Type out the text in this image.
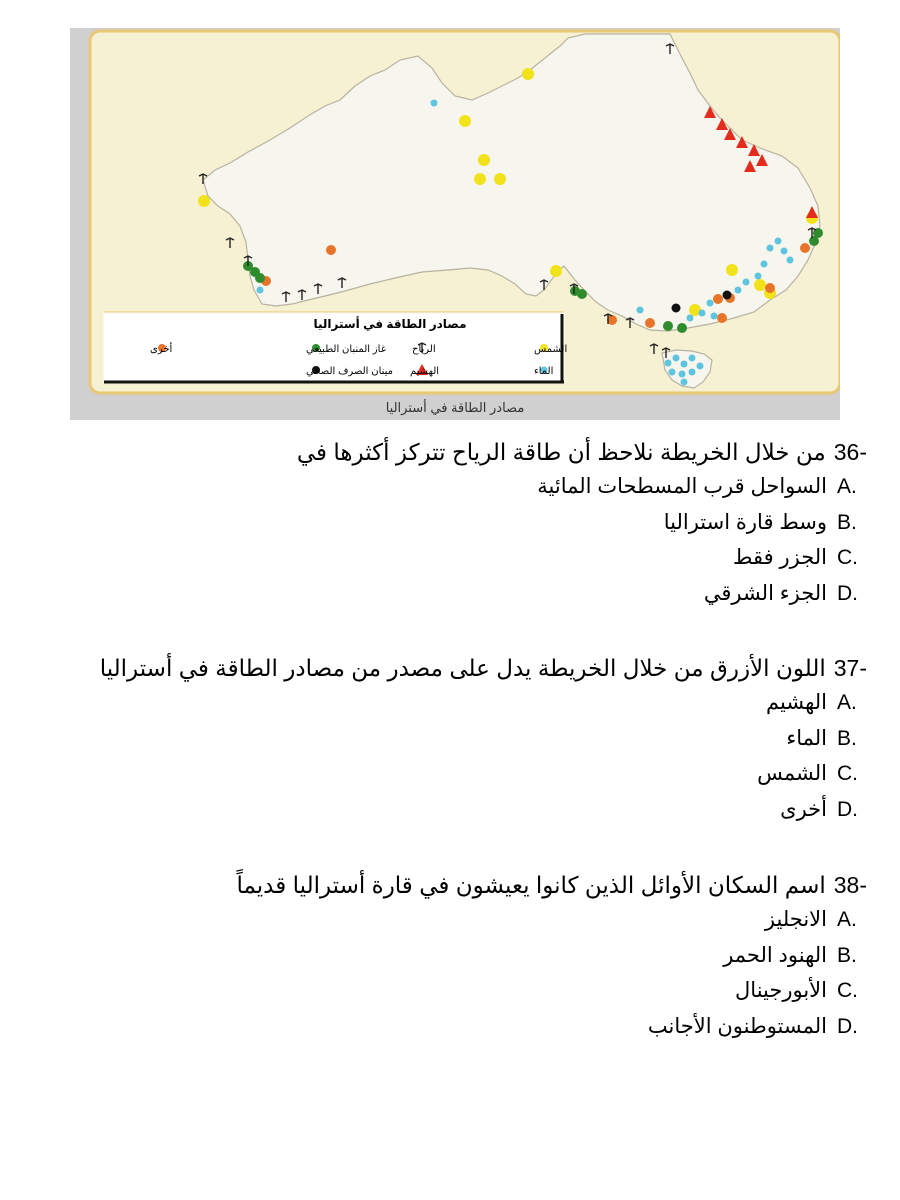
مصادر الطاقة في أستراليا
الشمس
الرياح
غاز المنبان الطبيعي
أخرى
الماء
الهشيم
مينان الصرف الصحي
مصادر الطاقة في أستراليا
36-من خلال الخريطة نلاحظ أن طاقة الرياح تتركز أكثرها في
A.السواحل قرب المسطحات المائية
B.وسط قارة استراليا
C.الجزر فقط
D.الجزء الشرقي
37-اللون الأزرق من خلال الخريطة يدل على مصدر من مصادر الطاقة في أستراليا
A.الهشيم
B.الماء
C.الشمس
D.أخرى
38-اسم السكان الأوائل الذين كانوا يعيشون في قارة أستراليا قديماً
A.الانجليز
B.الهنود الحمر
C.الأبورجينال
D.المستوطنون الأجانب
